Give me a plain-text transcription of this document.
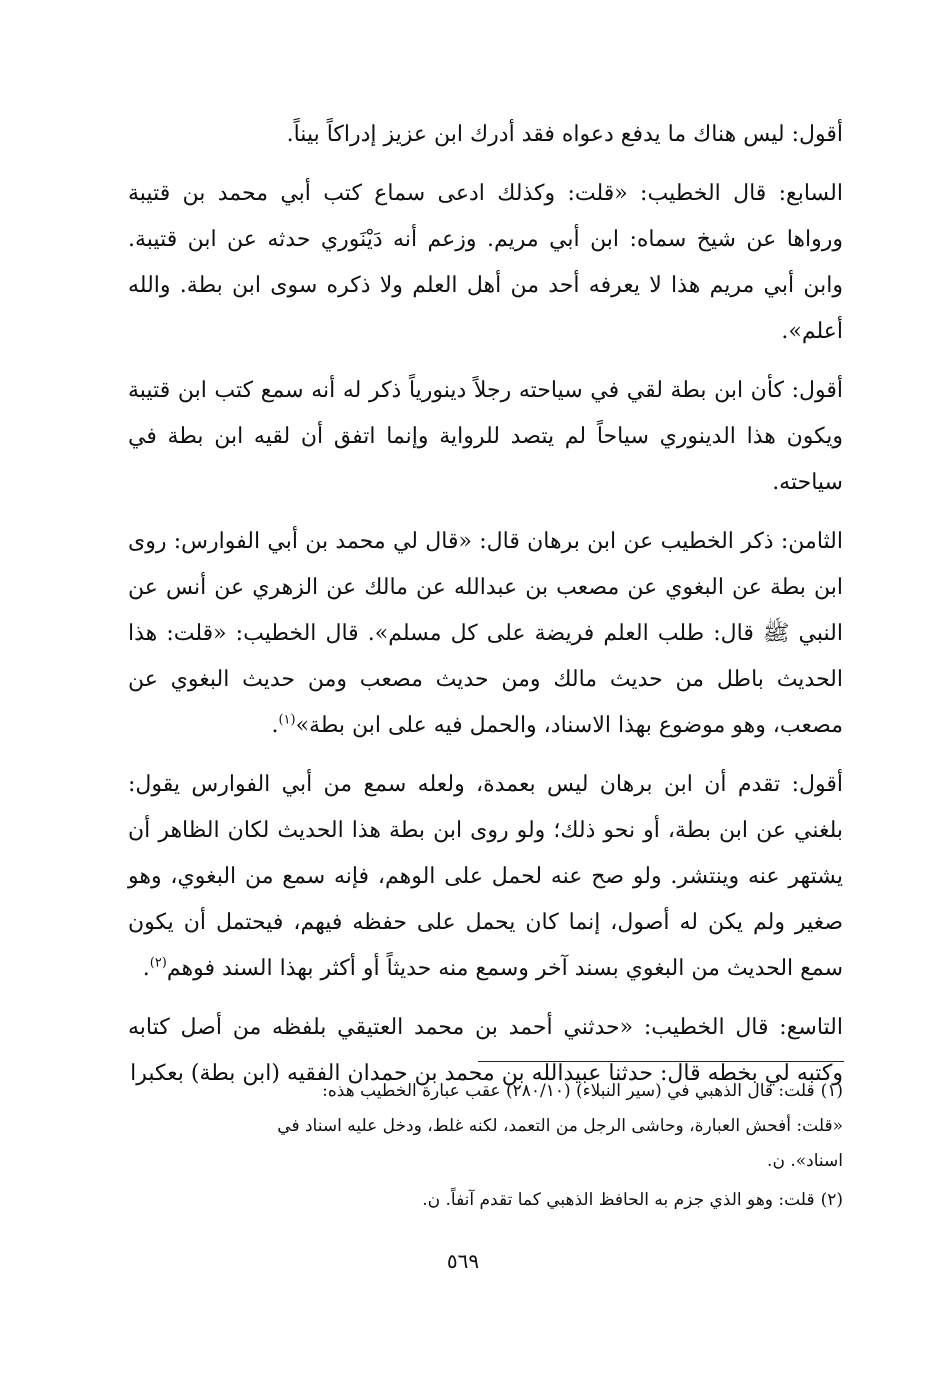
أقول: ليس هناك ما يدفع دعواه فقد أدرك ابن عزيز إدراكاً بيناً.

السابع: قال الخطيب: «قلت: وكذلك ادعى سماع كتب أبي محمد بن قتيبة ورواها عن شيخ سماه: ابن أبي مريم. وزعم أنه دَيْنَوري حدثه عن ابن قتيبة. وابن أبي مريم هذا لا يعرفه أحد من أهل العلم ولا ذكره سوى ابن بطة. والله أعلم».

أقول: كأن ابن بطة لقي في سياحته رجلاً دينورياً ذكر له أنه سمع كتب ابن قتيبة ويكون هذا الدينوري سياحاً لم يتصد للرواية وإنما اتفق أن لقيه ابن بطة في سياحته.

الثامن: ذكر الخطيب عن ابن برهان قال: «قال لي محمد بن أبي الفوارس: روى ابن بطة عن البغوي عن مصعب بن عبدالله عن مالك عن الزهري عن أنس عن النبي ﷺ قال: طلب العلم فريضة على كل مسلم». قال الخطيب: «قلت: هذا الحديث باطل من حديث مالك ومن حديث مصعب ومن حديث البغوي عن مصعب، وهو موضوع بهذا الاسناد، والحمل فيه على ابن بطة»$^{(١)}$.

أقول: تقدم أن ابن برهان ليس بعمدة، ولعله سمع من أبي الفوارس يقول: بلغني عن ابن بطة، أو نحو ذلك؛ ولو روى ابن بطة هذا الحديث لكان الظاهر أن يشتهر عنه وينتشر. ولو صح عنه لحمل على الوهم، فإنه سمع من البغوي، وهو صغير ولم يكن له أصول، إنما كان يحمل على حفظه فيهم، فيحتمل أن يكون سمع الحديث من البغوي بسند آخر وسمع منه حديثاً أو أكثر بهذا السند فوهم$^{(٢)}$.

التاسع: قال الخطيب: «حدثني أحمد بن محمد العتيقي بلفظه من أصل كتابه وكتبه لي بخطه قال: حدثنا عبيدالله بن محمد بن حمدان الفقيه (ابن بطة) بعكبرا

(١)قلت: قال الذهبي في (سير النبلاء) (٢٨٠/١٠) عقب عبارة الخطيب هذه:
«قلت: أفحش العبارة، وحاشى الرجل من التعمد، لكنه غلط، ودخل عليه اسناد في
اسناد». ن.
(٢)قلت: وهو الذي جزم به الحافظ الذهبي كما تقدم آنفاً. ن.
٥٦٩
